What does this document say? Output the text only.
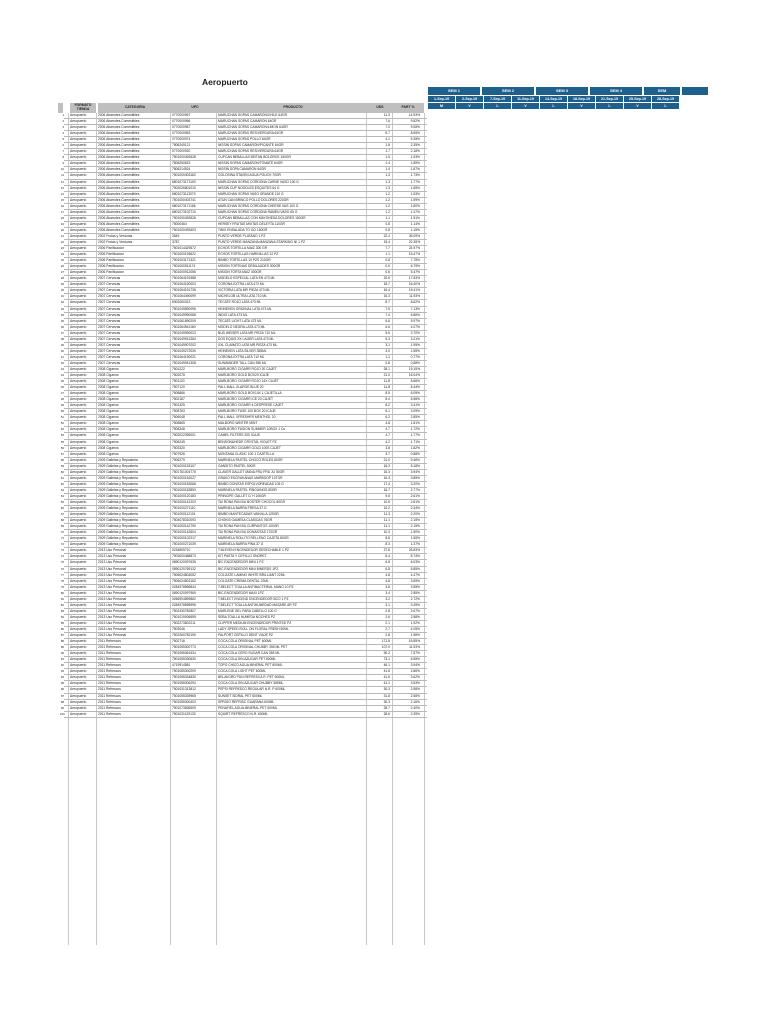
Aeropuerto
SEM 1	SEM 2	SEM 3	SEM 4	SEM
1-Sep-19	2-Sep-19	7-Sep-19	11-Sep-19	14-Sep-19	18-Sep-19	21-Sep-19	25-Sep-19	28-Sep-19
M	V	L	V	L	V	L	V	L
FORMATO TIENDA	CATEGORIA	UPC	PRODUCTO	UDS	PART %
1 Aeropuerto	2006 Abarrotes Comestibles	0770000967	MARUCHAN SOPAS CAMARON/CHILE 64GR	11.3	14.93%
2 Aeropuerto	2006 Abarrotes Comestibles	0770000966	MARUCHAN SOPAS CAMARON 64GR	7.6	9.82%
3 Aeropuerto	2006 Abarrotes Comestibles	0770000967	MARUCHAN SOPAS CAMARON/LIMON 64GR	7.0	9.08%
4 Aeropuerto	2006 Abarrotes Comestibles	0770000963	MARUCHAN SOPAS RES/VERDURA 64GR	6.7	8.65%
5 Aeropuerto	2006 Abarrotes Comestibles	0770000974	MARUCHAN SOPAS POLLO 64GR	4.1	5.35%
6 Aeropuerto	2006 Abarrotes Comestibles	7806249121	NISSIN SOPAS CAMARON/PICANTE 64GR	1.8	2.35%
7 Aeropuerto	2006 Abarrotes Comestibles	0770000920	MARUCHAN SOPAS RES/VERDURA 64GR	1.7	2.18%
8 Aeropuerto	2006 Abarrotes Comestibles	7501000492628	CUPCAN BEBALLAS BEITAN BOLOROS 150GR	1.5	1.93%
9 Aeropuerto	2006 Abarrotes Comestibles	7806250623	NISSIN SOPAS CAMARON/TOMATE 64GR	1.4	1.85%
10 Aeropuerto	2006 Abarrotes Comestibles	7806214924	NISSIN SOPA CAMARON 64GR	1.4	1.87%
11 Aeropuerto	2006 Abarrotes Comestibles	7501000403162	GOLOSINA STAVEN AGUA POUCH 70GR	1.3	1.73%
12 Aeropuerto	2006 Abarrotes Comestibles	6801073171100	MARUCHAN SOPAS CORDONA CARNE VASO 100 G	1.3	1.77%
13 Aeropuerto	2006 Abarrotes Comestibles	7502026801010	NISSIN CUP NOODLES ESQUITES 64 G	1.3	1.65%
14 Aeropuerto	2006 Abarrotes Comestibles	6801073113070	MARUCHAN SOPAS VASO GRANDE 110 G	1.2	1.53%
15 Aeropuerto	2006 Abarrotes Comestibles	7501000403741	ATUN CAN BRINCO POLLO DOLORES 220GR	1.2	1.59%
16 Aeropuerto	2006 Abarrotes Comestibles	6801073171166	MARUCHAN SOPAS CORDONA CHEESE VAS 100 G	1.2	1.60%
17 Aeropuerto	2006 Abarrotes Comestibles	6801073102710	MARUCHAN SOPAS CORDONA RAMEN VASO 65 G	1.2	1.47%
18 Aeropuerto	2006 Abarrotes Comestibles	7501000492626	CUPCAN BEBALLAS CON MAYONESA DOLORES 150GR	1.1	1.51%
19 Aeropuerto	2006 Abarrotes Comestibles	75000464	HERSEY FRUTAS MIXTAS DELEYTA 110GR	0.8	1.14%
20 Aeropuerto	2006 Abarrotes Comestibles	7501000492603	TWIX ENSALADA TO GO 160GR	0.8	1.15%
21 Aeropuerto	2002 Frutas y Verduras	3549	PUNTO VERDE PLATANO 1 PZ	22.4	35.09%
22 Aeropuerto	2002 Frutas y Verduras	3787	PUNTO VERDE MANZANA MANZANA STARKING NI 1 PZ	15.4	22.35%
23 Aeropuerto	2006 Panificacion	7501014429672	ECHOS TORTILLA MAIZ 300 GR	7.7	24.97%
24 Aeropuerto	2006 Panificacion	7501000193622	ECHOS TORTILLAS HARINILLAS 12 PZ	1.1	15.47%
25 Aeropuerto	2006 Panificacion	7501003171321	BIMBO TORTILLAS 10 PZS 210GR	0.8	7.75%
26 Aeropuerto	2006 Panificacion	7501000911174	MISION TORTINAS DEBILAUDES 300GR	0.6	6.79%
27 Aeropuerto	2006 Panificacion	7501000912056	MISION TORTA MAIZ 400GR	0.6	5.47%
28 Aeropuerto	2007 Cervezas	7501064191988	MODELO ESPECIAL LATA EN 473 ML	20.6	17.83%
29 Aeropuerto	2007 Cervezas	7501064190003	CORONA EXTRA LATA 473 ML	18.7	16.40%
30 Aeropuerto	2007 Cervezas	7501064191735	VICTORIA LATA MR PIEZA 473 ML	16.4	15.41%
31 Aeropuerto	2007 Cervezas	7501064490099	MICHELOB ULTRA LATA 710 ML	16.3	11.93%
32 Aeropuerto	2007 Cervezas	6902060313	TECATE ROJO LATA 473 ML	8.7	8.62%
33 Aeropuerto	2007 Cervezas	7501049890096	HEINEKEN ORIGINAL LATA 473 ML	7.5	7.13%
34 Aeropuerto	2007 Cervezas	7501049990068	INDIO LATA 473 ML	7.4	6.86%
35 Aeropuerto	2007 Cervezas	7501061890209	TECATE LIGHT LATA 473 ML	6.6	5.97%
36 Aeropuerto	2007 Cervezas	7501064941160	MODELO NEGRA LATA 473 ML	6.6	4.07%
37 Aeropuerto	2007 Cervezas	7501049990023	BUD WEISER LATA MR PIEZA 710 ML	5.5	3.70%
38 Aeropuerto	2007 Cervezas	7501049912284	DOS EQUIS XX LAGER LATA 473 ML	5.3	3.21%
39 Aeropuerto	2007 Cervezas	7501049907002	XXL CLAMATO LATA MR PIEZA 473 ML	3.1	1.95%
40 Aeropuerto	2007 Cervezas	7501049272030	HEINEKEN LATA SILVER 355ML	3.0	1.55%
41 Aeropuerto	2007 Cervezas	7501064190021	CORONA EXTRA LATA 710 ML	1.1	0.77%
42 Aeropuerto	2007 Cervezas	7501049941308	SUNWINDER TALL CAN 355 ML	0.8	0.68%
43 Aeropuerto	2008 Cigarros	7501222	MARLBORO CIGARR ROJO 20 CAJET	28.1	19.15%
44 Aeropuerto	2008 Cigarros	7502078	MARLBORO GOLD BOX20 ICAJE	21.0	16.04%
45 Aeropuerto	2008 Cigarros	7501120	MARLBORO CIGARR ROJO 14X CAJET	11.8	8.66%
46 Aeropuerto	2008 Cigarros	7507120	PALL MALL XLARGE BLUE 20	11.8	8.44%
47 Aeropuerto	2008 Cigarros	7506866	MARLBORO GOLD BOX14X 1 CAJETILLA	8.5	6.09%
48 Aeropuerto	2008 Cigarros	7502187	MARLBORO CIGARR ICE 20 CAJET	8.4	5.98%
49 Aeropuerto	2008 Cigarros	7501325	MARLBORO CIGARR 4 DESPRESE CAJET	8.2	3.41%
50 Aeropuerto	2008 Cigarros	7508763	MARLBORO FUSE 100 BOX 20 ICAJE	8.1	3.09%
51 Aeropuerto	2008 Cigarros	7506048	PALL MALL XFRESHER MENTHOL 20	6.2	2.85%
52 Aeropuerto	2008 Cigarros	7506865	MALBORO WINTER MINT	4.8	1.81%
53 Aeropuerto	2008 Cigarros	7508348	MARLBORO FUSION SUMMER 10BOX 1 Cu	4.7	1.72%
54 Aeropuerto	2008 Cigarros	7502022395001	CAMEL FILTERS 200 ICAJE	4.7	1.77%
55 Aeropuerto	2008 Cigarros	7506245	BENSON&HEDE CRYSTAL VIOLET PZ	4.2	1.71%
56 Aeropuerto	2008 Cigarros	7503320	MARLBORO CIGARR GOLD 100S CAJET	3.8	1.62%
57 Aeropuerto	2008 Cigarros	7507926	MONTANA CLASIC 100 1 CAJETILLA	3.7	0.88%
58 Aeropuerto	2009 Galletas y Reposteria	7506279	MARINELA PASTEL CHOCO ROLES 80GR	21.0	9.46%
59 Aeropuerto	2009 Galletas y Reposteria	7501000153107	GANSITO PASTEL 50GR	16.3	5.18%
60 Aeropuerto	2009 Galletas y Reposteria	7501761004775	CLAVER GALLET MANA FRU FRU JU 50GR	16.3	3.94%
61 Aeropuerto	2009 Galletas y Reposteria	7501000152027	GRAVO ESCRUKANAS MARBOOP 10TGR	16.3	3.89%
62 Aeropuerto	2009 Galletas y Reposteria	7501000153068	BIMBO DONITAS ESPOLVOREADAS 105 G	17.4	3.20%
63 Aeropuerto	2009 Galletas y Reposteria	7501000153893	MARINELA PASTEL PINGUINOS 80GR	15.7	2.77%
64 Aeropuerto	2009 Galletas y Reposteria	7501000120183	PRINCIPE GALLET C/ H 106GR	9.8	2.61%
65 Aeropuerto	2009 Galletas y Reposteria	7501000142203	TAI RONA PAN BU BOSTER CHOCOL 80GR	10.6	2.61%
66 Aeropuerto	2009 Galletas y Reposteria	7501000271110	MARINELA BARRA FRESA 37 G	10.2	2.34%
67 Aeropuerto	2009 Galletas y Reposteria	7501000112101	BIMBO MANTECADAS VAINILLA 125GR	11.3	2.20%
68 Aeropuerto	2009 Galletas y Reposteria	7504078310093	CHOKIS GAMESA CLASICAS 76GR	11.1	2.15%
69 Aeropuerto	2009 Galletas y Reposteria	7501000142790	TAI RONA PAN BU CURPANTOS 100GR	11.1	2.15%
70 Aeropuerto	2009 Galletas y Reposteria	7501000142604	TAI RONA PAN BU DONAS/TAS 170GR	10.3	1.90%
71 Aeropuerto	2009 Galletas y Reposteria	7501000102217	MARINELA ROLLITO RELLENO CAJETA 80GR	8.8	1.55%
72 Aeropuerto	2009 Galletas y Reposteria	7501000271039	MARINELA BARRA PINA 37 G	8.3	1.37%
73 Aeropuerto	2013 Uso Personal	0234805710	T.BLEVEN ENCENDEDOR DESECHABLE 1 PZ	27.8	25.83%
74 Aeropuerto	2013 Uso Personal	7503000488873	KIT PASTA Y CEPILLO SNORET	8.4	8.74%
75 Aeropuerto	2013 Uso Personal	0890120097635	BIC ENCENDEDOR MINI 1 PZ	6.8	6.03%
76 Aeropuerto	2013 Uso Personal	0890120769132	BIC ENCENDEDOR MINI BINERDS 1PZ	6.8	5.85%
77 Aeropuerto	2013 Uso Personal	7506024804052	COLGATE LAMINO WHITE BRILLIANT 22ML	4.8	4.47%
78 Aeropuerto	2013 Uso Personal	7506024803162	COLGATE CREMA DENTAL 22ML	4.8	3.69%
79 Aeropuerto	2013 Uso Personal	0284978896844	T.BELECT TOALLA ANTIBACTERIAL MANO 10 PZ	3.8	3.55%
80 Aeropuerto	2013 Uso Personal	0890120097969	BIC ENCENDEDOR MAXI 1PZ	3.4	2.85%
81 Aeropuerto	2013 Uso Personal	0266904899862	T.BELECT ENCEND ENCENDEDOR BCO 1 PZ	3.2	2.72%
82 Aeropuerto	2013 Uso Personal	0284978898996	T.BELECT TOALLA ANTIHUMEDAD MASARE AR PZ	3.1	3.49%
83 Aeropuerto	2013 Uso Personal	7502430782807	MARLENE GEL PARA CABELLO 100 G	2.8	2.67%
84 Aeropuerto	2013 Uso Personal	7501019006655	SEBA TOALLA HUMEDA NOCHES PZ	2.6	2.58%
85 Aeropuerto	2013 Uso Personal	7502273802211	CLIPPER MEDIUM ENCENDEDOR PRINTED PZ	2.1	1.92%
86 Aeropuerto	2013 Uso Personal	7503046	LADY SPEED ROLL ON FLORAL FRESH 50ML	2.7	4.05%
87 Aeropuerto	2013 Uso Personal	7502260782190	PALPORT CEPILLO DENT VIAJE PZ	2.8	1.96%
88 Aeropuerto	2011 Refrescos	7502716	COCA COLA ORIGINAL PET 600ML	171.8	16.85%
89 Aeropuerto	2011 Refrescos	7501055300773	COCA COLA ORIGINAL CHUBBY 355 ML PET	107.0	11.93%
90 Aeropuerto	2011 Refrescos	7501055361534	COCA COLA CERO SUGAR CAN 355 ML	90.2	7.57%
91 Aeropuerto	2011 Refrescos	7501055330630	COCA COLA SIN AZUCAR PET 600ML	73.1	6.55%
92 Aeropuerto	2011 Refrescos	4719914581	TOPO CHICO AGUA MINERAL PET 600ML	46.1	3.94%
93 Aeropuerto	2011 Refrescos	7501055300209	COCA COLA LIGHT PET 600ML	41.6	2.86%
94 Aeropuerto	2011 Refrescos	7501055334830	BELAVORD PUN REFRESCA R. PET 600ML	41.6	3.62%
95 Aeropuerto	2011 Refrescos	7501055306294	COCA COLA SIN AZUCAR CHUBBY 355ML	41.1	3.53%
96 Aeropuerto	2011 Refrescos	7501031313812	PEPSI REFRESCO REGULAR N.R. P 600ML	30.3	2.98%
97 Aeropuerto	2011 Refrescos	7501055339965	SUNSET SIDRAL PET 600ML	31.8	2.58%
98 Aeropuerto	2011 Refrescos	7501055300403	SPRIGO REFRISC GUARANA 600ML	30.3	2.16%
99 Aeropuerto	2011 Refrescos	7501073836509	PENAFIEL AGUA MINERAL PET 600ML	28.7	2.40%
100 Aeropuerto	2011 Refrescos	7501031129133	SQUIRT REFRESCO N.R. 600ML	28.6	2.35%
